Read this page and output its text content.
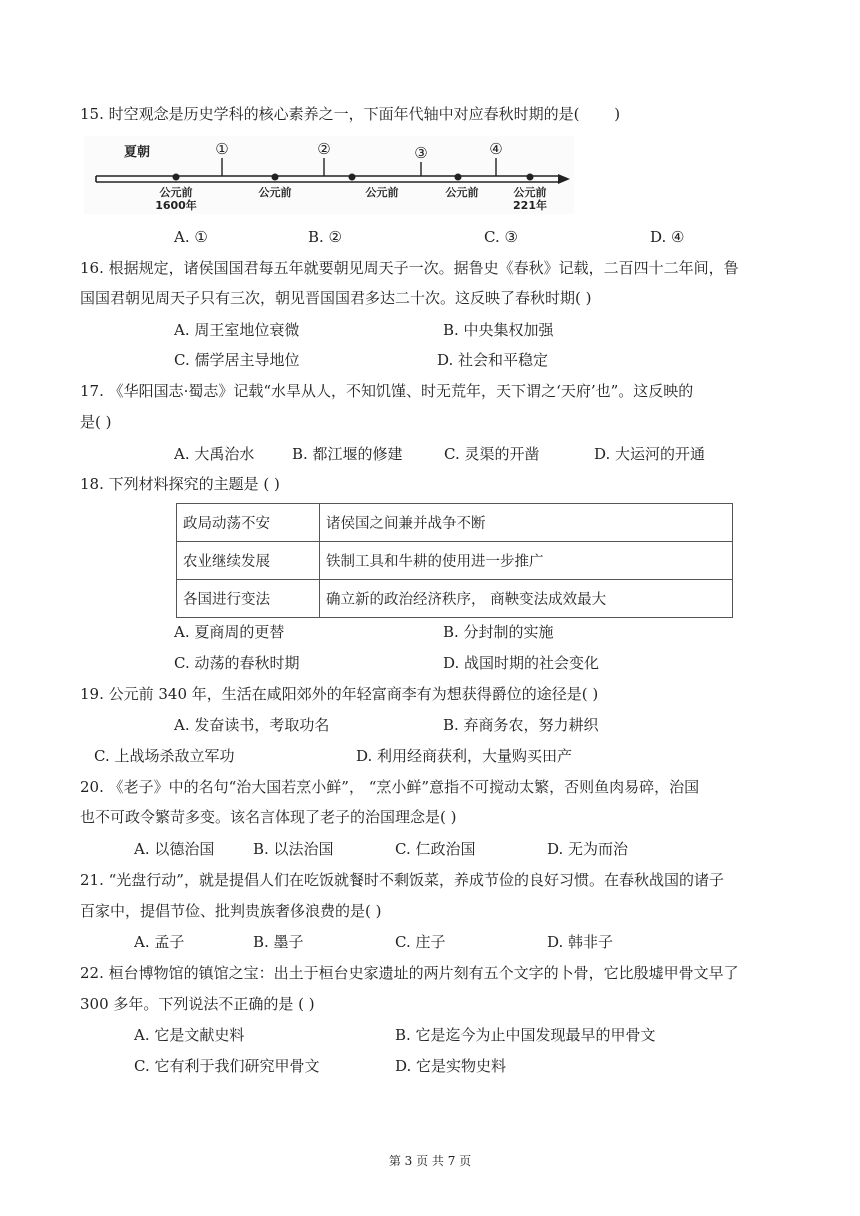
15. 时空观念是历史学科的核心素养之一，下面年代轴中对应春秋时期的是(　　 )
夏朝	①	②	③	④
公元前
1600年
公元前	公元前	公元前	公元前
221年
A. ①	B. ②	C. ③	D. ④
16. 根据规定，诸侯国国君每五年就要朝见周天子一次。据鲁史《春秋》记载，二百四十二年间，鲁
国国君朝见周天子只有三次，朝见晋国国君多达二十次。这反映了春秋时期( )
A. 周王室地位衰微	B. 中央集权加强
C. 儒学居主导地位	D. 社会和平稳定
17. 《华阳国志·蜀志》记载“水旱从人，不知饥馑、时无荒年，天下谓之‘天府’也”。这反映的
是( )
A. 大禹治水	B. 都江堰的修建	C. 灵渠的开凿	D. 大运河的开通
18. 下列材料探究的主题是 ( )
政局动荡不安	诸侯国之间兼并战争不断
农业继续发展	铁制工具和牛耕的使用进一步推广
各国进行变法	确立新的政治经济秩序， 商鞅变法成效最大
A. 夏商周的更替	B. 分封制的实施
C. 动荡的春秋时期	D. 战国时期的社会变化
19. 公元前 340 年，生活在咸阳郊外的年轻富商李有为想获得爵位的途径是( )
A. 发奋读书，考取功名	B. 弃商务农，努力耕织
C. 上战场杀敌立军功	D. 利用经商获利，大量购买田产
20. 《老子》中的名句“治大国若烹小鲜”， “烹小鲜”意指不可搅动太繁，否则鱼肉易碎，治国
也不可政令繁苛多变。该名言体现了老子的治国理念是( )
A. 以德治国	B. 以法治国	C. 仁政治国	D. 无为而治
21. “光盘行动”，就是提倡人们在吃饭就餐时不剩饭菜，养成节俭的良好习惯。在春秋战国的诸子
百家中，提倡节俭、批判贵族奢侈浪费的是( )
A. 孟子	B. 墨子	C. 庄子	D. 韩非子
22. 桓台博物馆的镇馆之宝：出土于桓台史家遗址的两片刻有五个文字的卜骨，它比殷墟甲骨文早了
300 多年。下列说法不正确的是 ( )
A. 它是文献史料	B. 它是迄今为止中国发现最早的甲骨文
C. 它有利于我们研究甲骨文	D. 它是实物史料
第 3 页 共 7 页
